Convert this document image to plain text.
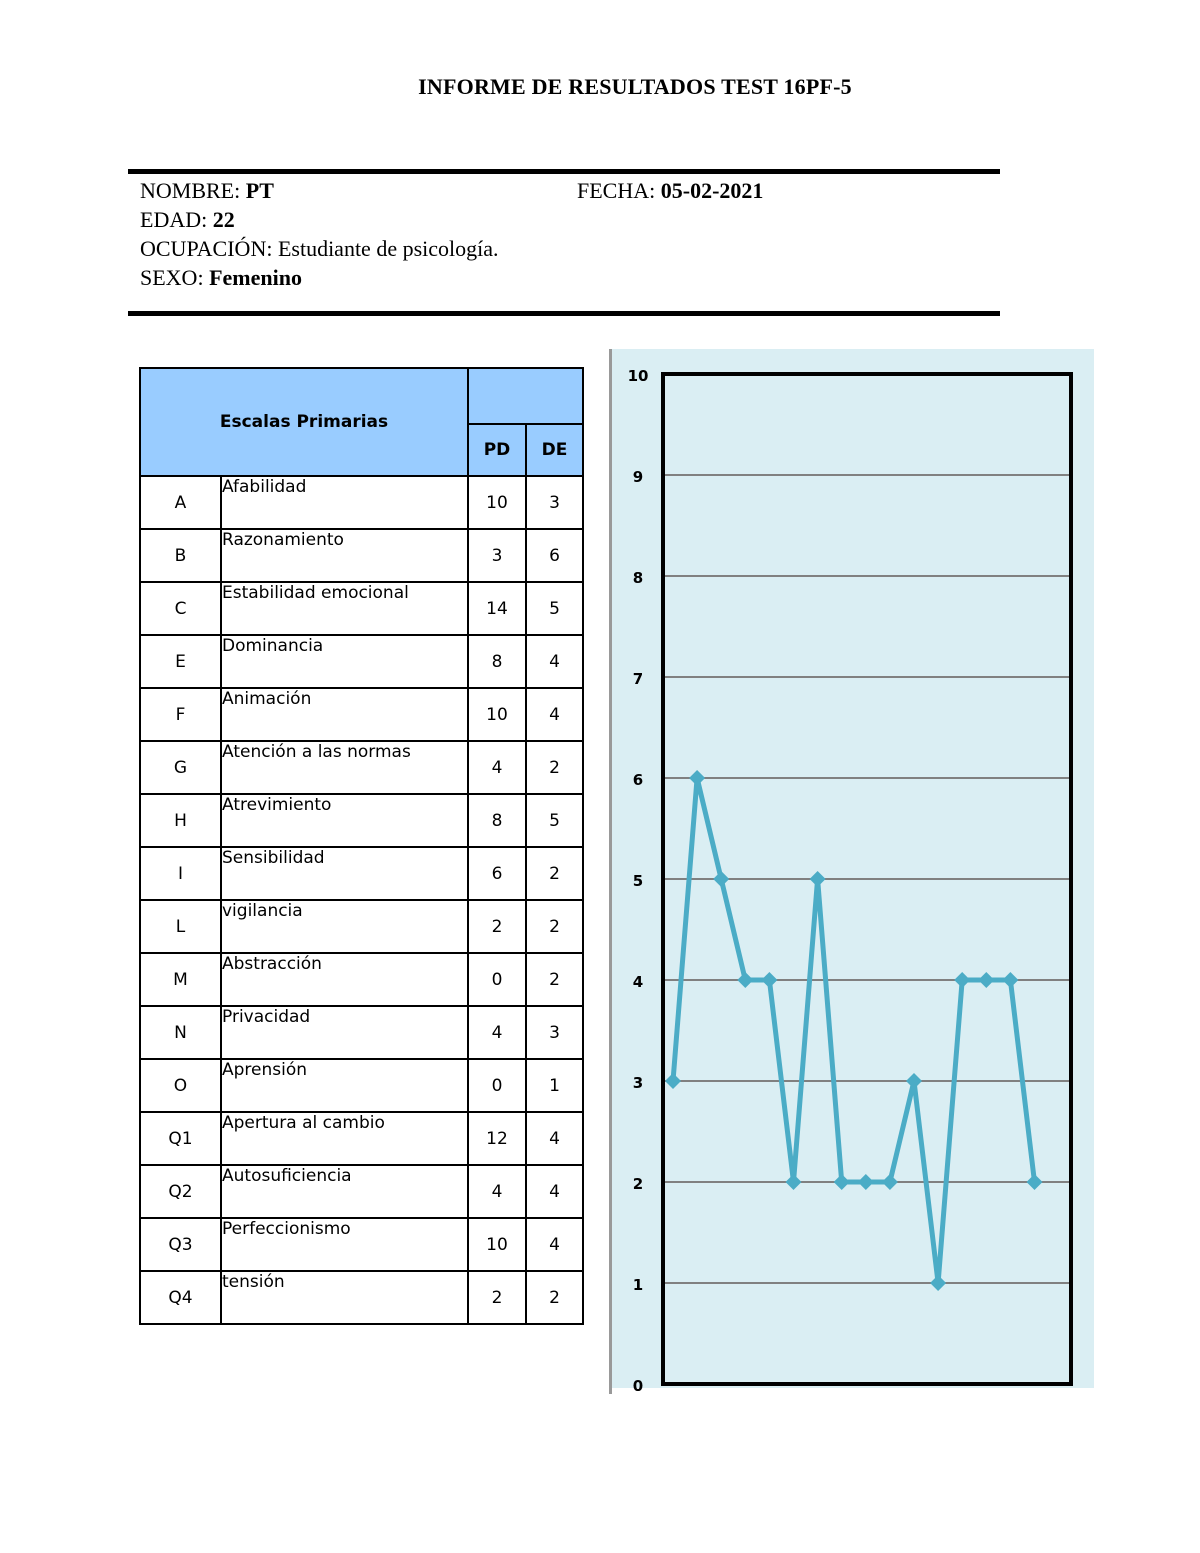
INFORME DE RESULTADOS TEST 16PF-5
NOMBRE: PT
EDAD: 22
OCUPACIÓN: Estudiante de psicología.
SEXO: Femenino
FECHA: 05-02-2021
Escalas Primarias			
		PD	DE
A	Afabilidad	10	3
B	Razonamiento	3	6
C	Estabilidad emocional	14	5
E	Dominancia	8	4
F	Animación	10	4
G	Atención a las normas	4	2
H	Atrevimiento	8	5
I	Sensibilidad	6	2
L	vigilancia	2	2
M	Abstracción	0	2
N	Privacidad	4	3
O	Aprensión	0	1
Q1	Apertura al cambio	12	4
Q2	Autosuficiencia	4	4
Q3	Perfeccionismo	10	4
Q4	tensión	2	2
0
1
2
3
4
5
6
7
8
9
10
